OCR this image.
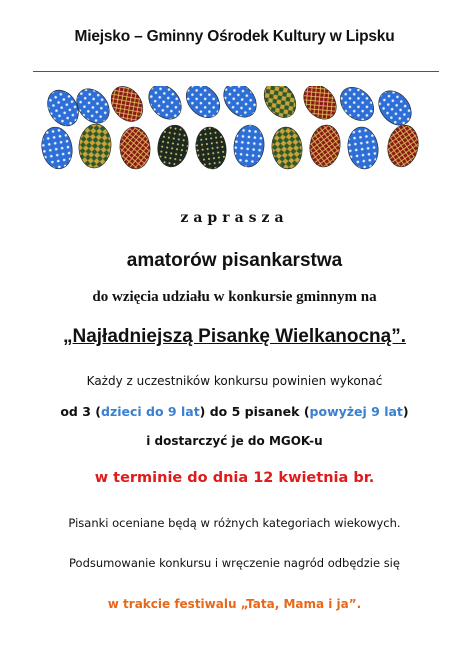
Miejsko – Gminny Ośrodek Kultury w Lipsku
zaprasza
amatorów pisankarstwa
do wzięcia udziału w konkursie gminnym na
„Najładniejszą Pisankę Wielkanocną”.
Każdy z uczestników konkursu powinien wykonać
od 3 (dzieci do 9 lat) do 5 pisanek (powyżej 9 lat)
i dostarczyć je do MGOK-u
w terminie do dnia 12 kwietnia br.
Pisanki oceniane będą w różnych kategoriach wiekowych.
Podsumowanie konkursu i wręczenie nagród odbędzie się
w trakcie festiwalu „Tata, Mama i ja”.
